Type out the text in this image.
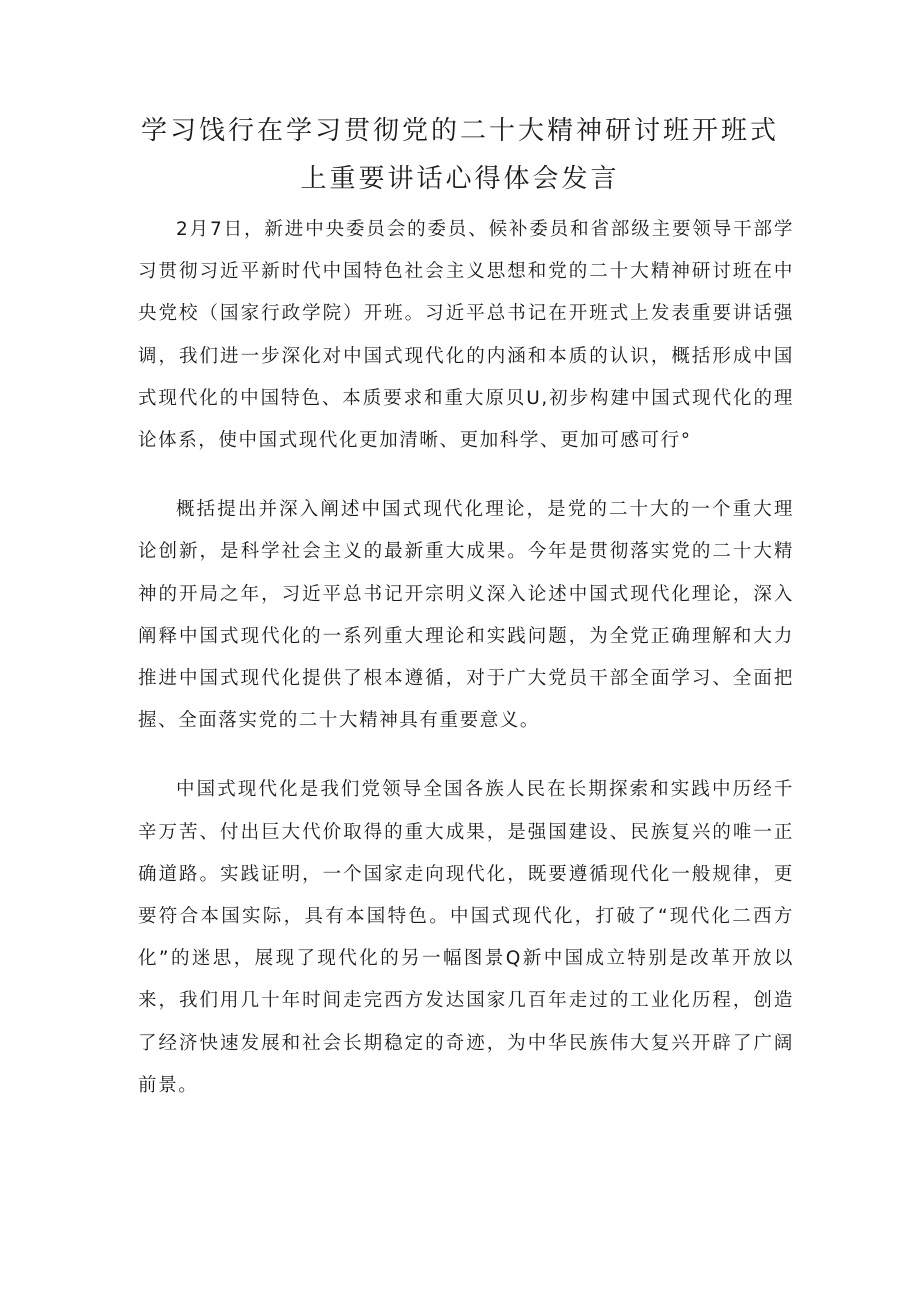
学习饯行在学习贯彻党的二十大精神研讨班开班式
上重要讲话心得体会发言

2月7日，新进中央委员会的委员、候补委员和省部级主要领导干部学习贯彻习近平新时代中国特色社会主义思想和党的二十大精神研讨班在中央党校（国家行政学院）开班。习近平总书记在开班式上发表重要讲话强调，我们进一步深化对中国式现代化的内涵和本质的认识，概括形成中国式现代化的中国特色、本质要求和重大原贝U,初步构建中国式现代化的理论体系，使中国式现代化更加清晰、更加科学、更加可感可行°

概括提出并深入阐述中国式现代化理论，是党的二十大的一个重大理论创新，是科学社会主义的最新重大成果。今年是贯彻落实党的二十大精神的开局之年，习近平总书记开宗明义深入论述中国式现代化理论，深入阐释中国式现代化的一系列重大理论和实践问题，为全党正确理解和大力推进中国式现代化提供了根本遵循，对于广大党员干部全面学习、全面把握、全面落实党的二十大精神具有重要意义。

中国式现代化是我们党领导全国各族人民在长期探索和实践中历经千辛万苦、付出巨大代价取得的重大成果，是强国建设、民族复兴的唯一正确道路。实践证明，一个国家走向现代化，既要遵循现代化一般规律，更要符合本国实际，具有本国特色。中国式现代化，打破了“现代化二西方化”的迷思，展现了现代化的另一幅图景Q新中国成立特别是改革开放以来，我们用几十年时间走完西方发达国家几百年走过的工业化历程，创造了经济快速发展和社会长期稳定的奇迹，为中华民族伟大复兴开辟了广阔前景。
